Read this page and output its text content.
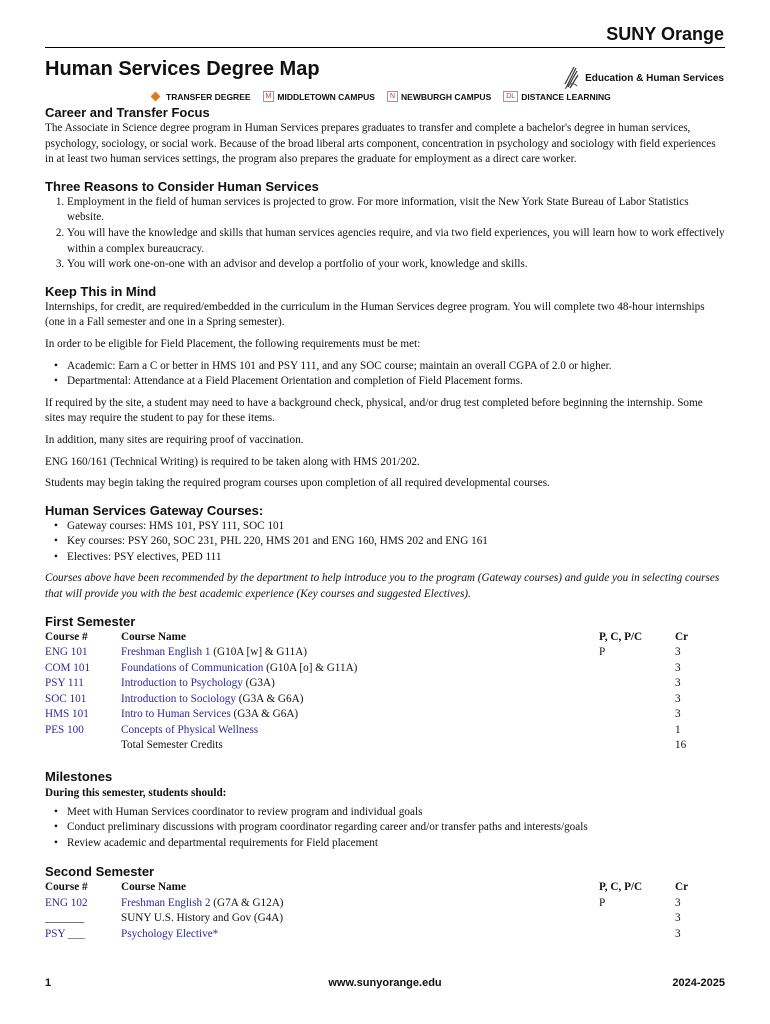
SUNY Orange
Human Services Degree Map	Education & Human Services
TRANSFER DEGREE	M MIDDLETOWN CAMPUS	N NEWBURGH CAMPUS	DL DISTANCE LEARNING
Career and Transfer Focus

The Associate in Science degree program in Human Services prepares graduates to transfer and complete a bachelor's degree in human services, psychology, sociology, or social work. Because of the broad liberal arts component, concentration in psychology and sociology with field experiences in at least two human services settings, the program also prepares the graduate for employment as a direct care worker.

Three Reasons to Consider Human Services
1. Employment in the field of human services is projected to grow. For more information, visit the New York State Bureau of Labor Statistics website.
2. You will have the knowledge and skills that human services agencies require, and via two field experiences, you will learn how to work effectively within a complex bureaucracy.
3. You will work one-on-one with an advisor and develop a portfolio of your work, knowledge and skills.
Keep This in Mind

Internships, for credit, are required/embedded in the curriculum in the Human Services degree program. You will complete two 48-hour internships (one in a Fall semester and one in a Spring semester).

In order to be eligible for Field Placement, the following requirements must be met:

• Academic: Earn a C or better in HMS 101 and PSY 111, and any SOC course; maintain an overall CGPA of 2.0 or higher.
• Departmental: Attendance at a Field Placement Orientation and completion of Field Placement forms.

If required by the site, a student may need to have a background check, physical, and/or drug test completed before beginning the internship. Some sites may require the student to pay for these items.

In addition, many sites are requiring proof of vaccination.

ENG 160/161 (Technical Writing) is required to be taken along with HMS 201/202.

Students may begin taking the required program courses upon completion of all required developmental courses.

Human Services Gateway Courses:
• Gateway courses: HMS 101, PSY 111, SOC 101
• Key courses: PSY 260, SOC 231, PHL 220, HMS 201 and ENG 160, HMS 202 and ENG 161
• Electives: PSY electives, PED 111

Courses above have been recommended by the department to help introduce you to the program (Gateway courses) and guide you in selecting courses that will provide you with the best academic experience (Key courses and suggested Electives).

First Semester
Course #	Course Name	P, C, P/C	Cr
ENG 101	Freshman English 1 (G10A [w] & G11A)	P	3
COM 101	Foundations of Communication (G10A [o] & G11A)		3
PSY 111	Introduction to Psychology (G3A)		3
SOC 101	Introduction to Sociology (G3A & G6A)		3
HMS 101	Intro to Human Services (G3A & G6A)		3
PES 100	Concepts of Physical Wellness		1
	Total Semester Credits		16
Milestones
During this semester, students should:
• Meet with Human Services coordinator to review program and individual goals
• Conduct preliminary discussions with program coordinator regarding career and/or transfer paths and interests/goals
• Review academic and departmental requirements for Field placement
Second Semester
Course #	Course Name	P, C, P/C	Cr
ENG 102	Freshman English 2 (G7A & G12A)	P	3
_______	SUNY U.S. History and Gov (G4A)		3
PSY ___	Psychology Elective*		3
1	www.sunyorange.edu	2024-2025
